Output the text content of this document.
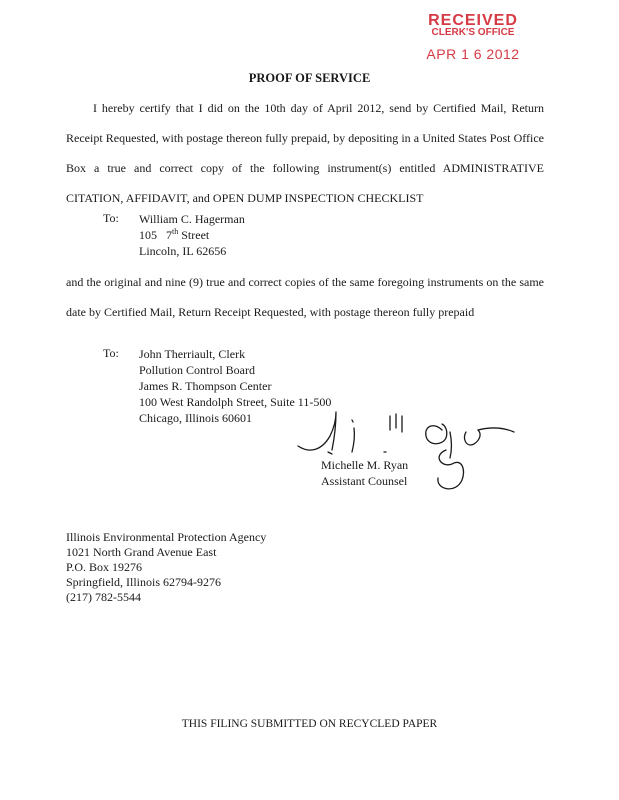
RECEIVED
CLERK'S OFFICE
APR 1 6 2012
PROOF OF SERVICE

I hereby certify that I did on the 10th day of April 2012, send by Certified Mail, Return Receipt Requested, with postage thereon fully prepaid, by depositing in a United States Post Office Box a true and correct copy of the following instrument(s) entitled ADMINISTRATIVE CITATION, AFFIDAVIT, and OPEN DUMP INSPECTION CHECKLIST

To: William C. Hagerman
105 7th Street
Lincoln, IL 62656

and the original and nine (9) true and correct copies of the same foregoing instruments on the same date by Certified Mail, Return Receipt Requested, with postage thereon fully prepaid

To: John Therriault, Clerk
Pollution Control Board
James R. Thompson Center
100 West Randolph Street, Suite 11-500
Chicago, Illinois 60601
Michelle M. Ryan
Assistant Counsel
Illinois Environmental Protection Agency
1021 North Grand Avenue East
P.O. Box 19276
Springfield, Illinois 62794-9276
(217) 782-5544
THIS FILING SUBMITTED ON RECYCLED PAPER
